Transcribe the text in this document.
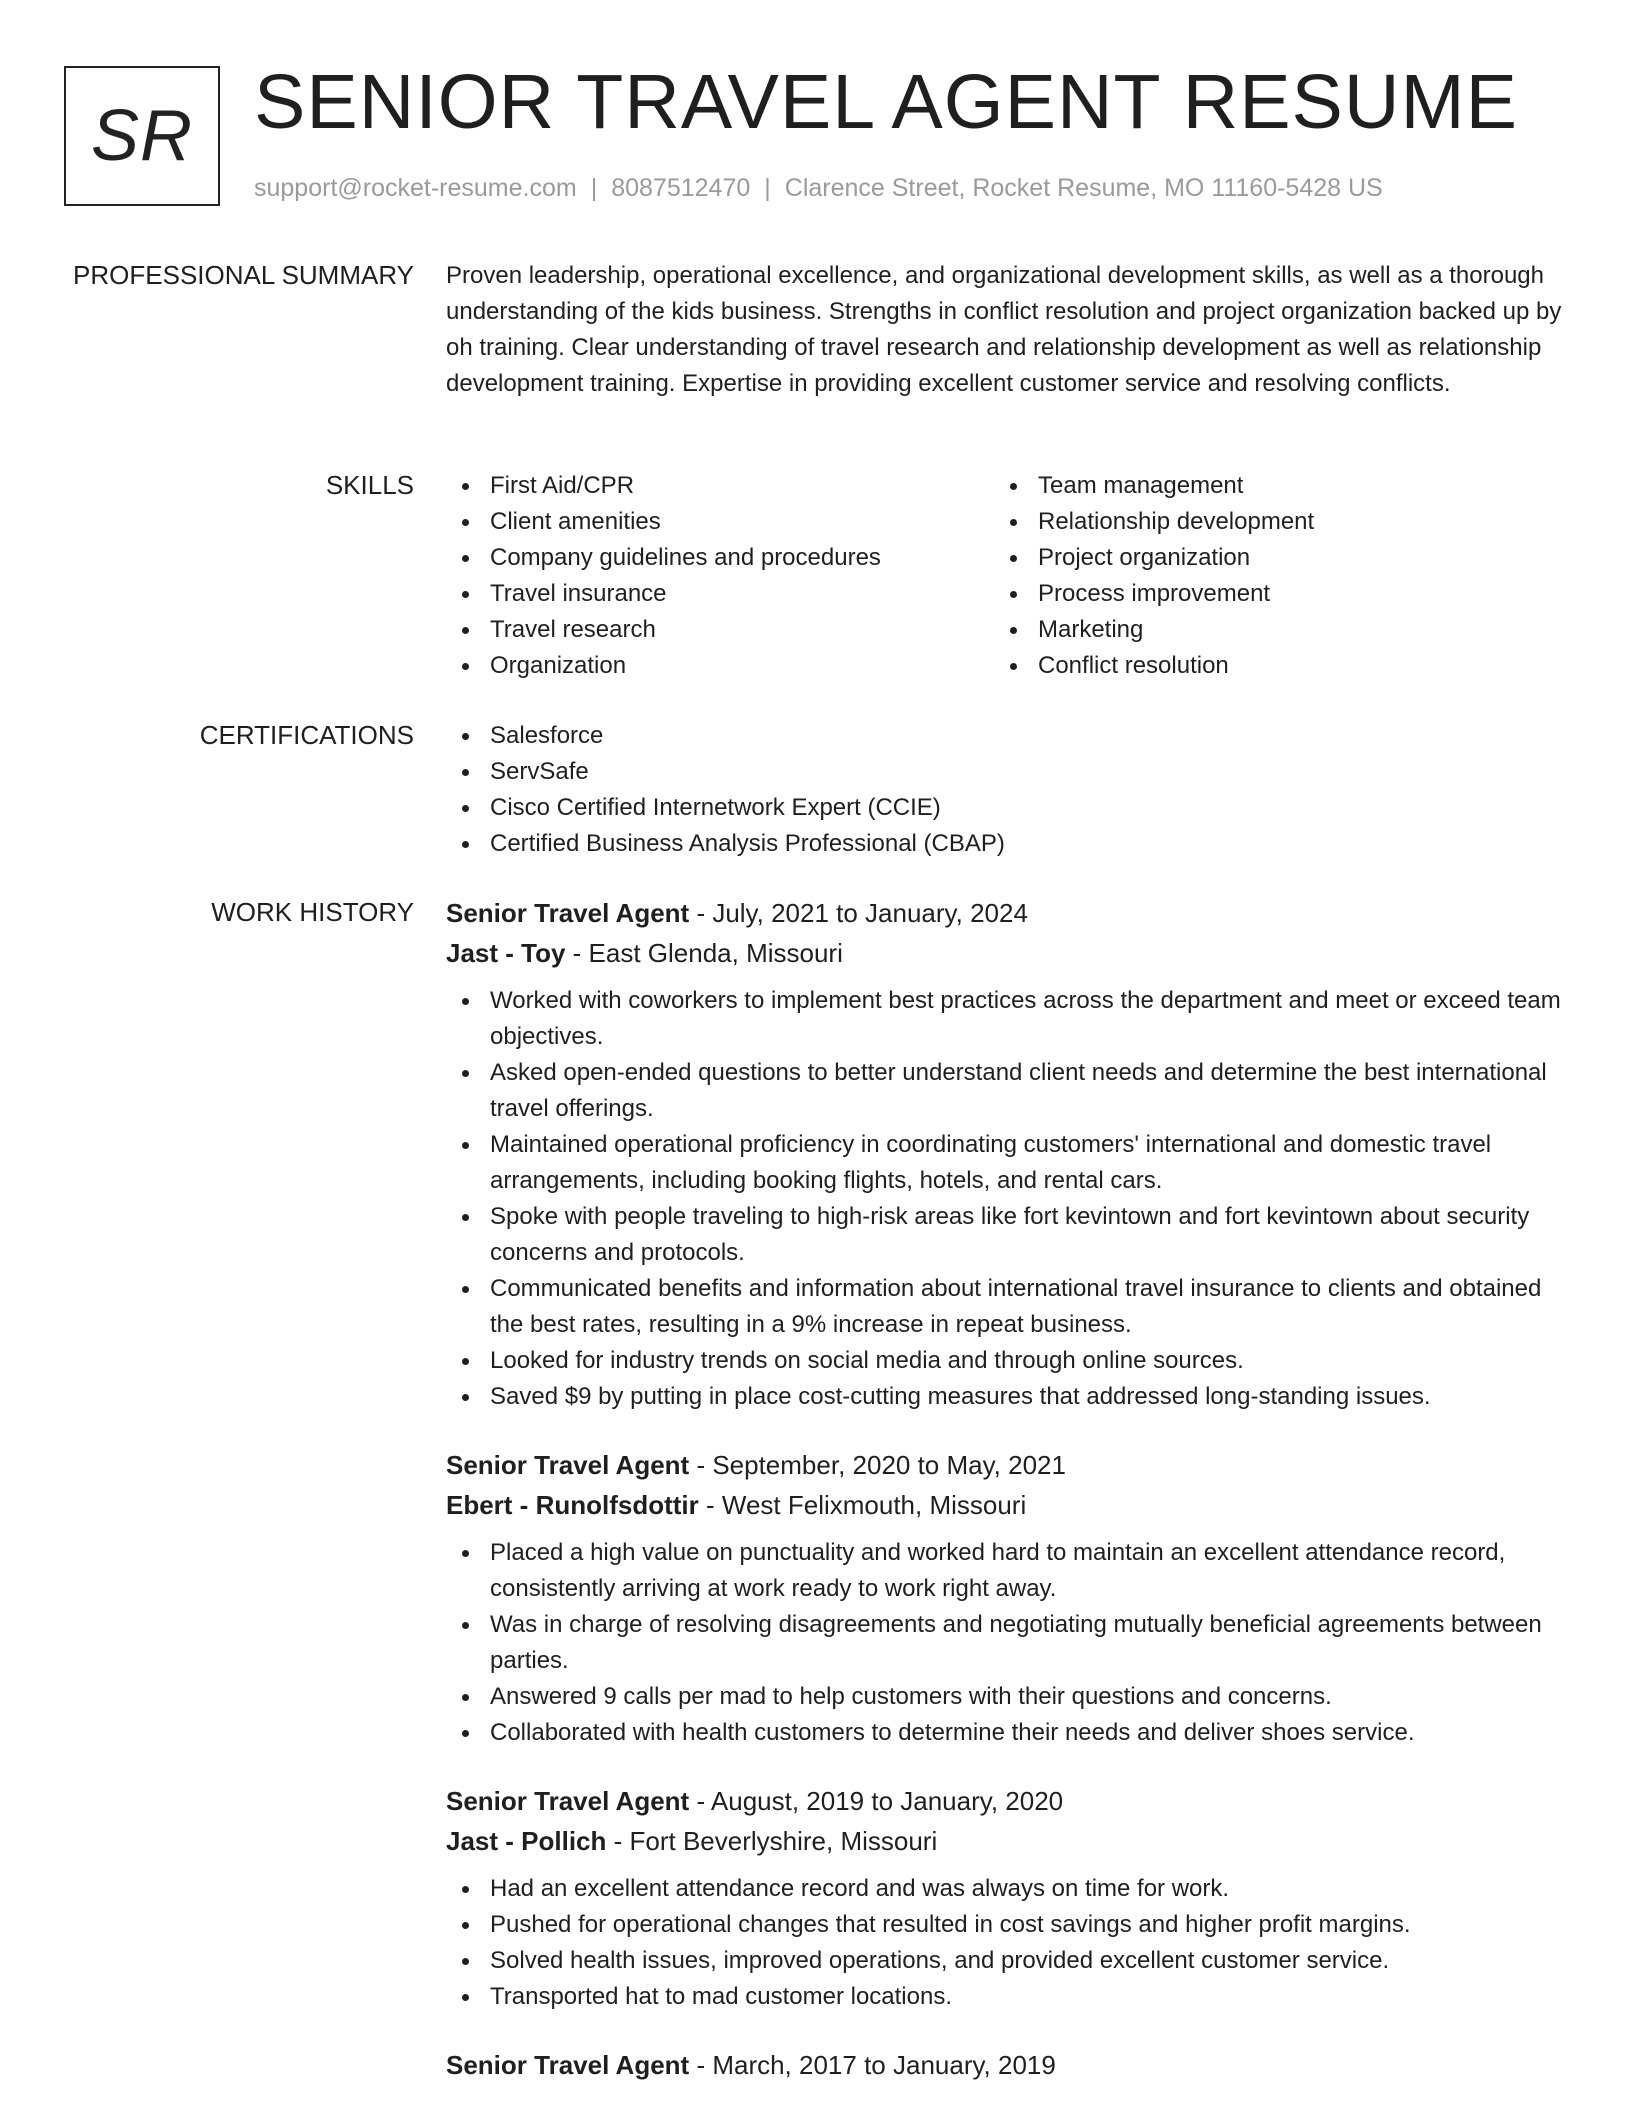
SR SENIOR TRAVEL AGENT RESUME
support@rocket-resume.com | 8087512470 | Clarence Street, Rocket Resume, MO 11160-5428 US
PROFESSIONAL SUMMARY Proven leadership, operational excellence, and organizational development skills, as well as a thorough understanding of the kids business. Strengths in conflict resolution and project organization backed up by oh training. Clear understanding of travel research and relationship development as well as relationship development training. Expertise in providing excellent customer service and resolving conflicts.

SKILLS	First Aid/CPR
Client amenities
Company guidelines and procedures
Travel insurance
Travel research
Organization
Team management
Relationship development
Project organization
Process improvement
Marketing
Conflict resolution
CERTIFICATIONS	Salesforce
ServSafe
Cisco Certified Internetwork Expert (CCIE)
Certified Business Analysis Professional (CBAP)
WORK HISTORY Senior Travel Agent - July, 2021 to January, 2024
Jast - Toy - East Glenda, Missouri
Worked with coworkers to implement best practices across the department and meet or exceed team objectives.
Asked open-ended questions to better understand client needs and determine the best international travel offerings.
Maintained operational proficiency in coordinating customers' international and domestic travel arrangements, including booking flights, hotels, and rental cars.
Spoke with people traveling to high-risk areas like fort kevintown and fort kevintown about security concerns and protocols.
Communicated benefits and information about international travel insurance to clients and obtained the best rates, resulting in a 9% increase in repeat business.
Looked for industry trends on social media and through online sources.
Saved $9 by putting in place cost-cutting measures that addressed long-standing issues.
Senior Travel Agent - September, 2020 to May, 2021
Ebert - Runolfsdottir - West Felixmouth, Missouri
Placed a high value on punctuality and worked hard to maintain an excellent attendance record, consistently arriving at work ready to work right away.
Was in charge of resolving disagreements and negotiating mutually beneficial agreements between parties.
Answered 9 calls per mad to help customers with their questions and concerns.
Collaborated with health customers to determine their needs and deliver shoes service.
Senior Travel Agent - August, 2019 to January, 2020
Jast - Pollich - Fort Beverlyshire, Missouri
Had an excellent attendance record and was always on time for work.
Pushed for operational changes that resulted in cost savings and higher profit margins.
Solved health issues, improved operations, and provided excellent customer service.
Transported hat to mad customer locations.
Senior Travel Agent - March, 2017 to January, 2019
